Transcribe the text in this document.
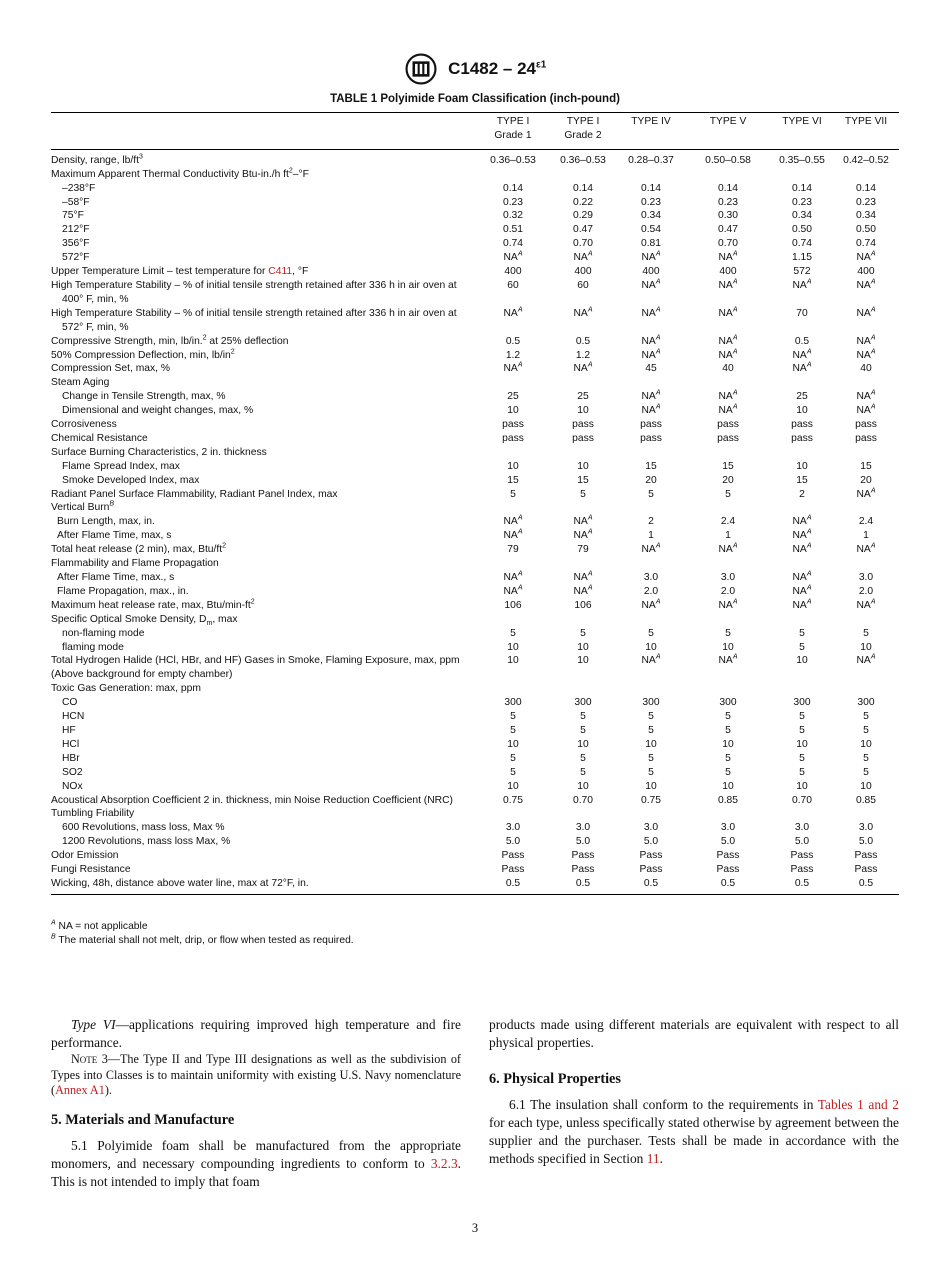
$C1482 - 24^{\varepsilon 1}$
TABLE 1 Polyimide Foam Classification (inch-pound)
	TYPE I
Grade 1	TYPE I
Grade 2	TYPE IV	TYPE V	TYPE VI	TYPE VII
Density, range, $lb/ft^3$	0.36–0.53	0.36–0.53	0.28–0.37	0.50–0.58	0.35–0.55	0.42–0.52
Maximum Apparent Thermal Conductivity Btu-in./h $ft^2-^\circ F$						
–238°F	0.14	0.14	0.14	0.14	0.14	0.14
–58°F	0.23	0.22	0.23	0.23	0.23	0.23
75°F	0.32	0.29	0.34	0.30	0.34	0.34
212°F	0.51	0.47	0.54	0.47	0.50	0.50
356°F	0.74	0.70	0.81	0.70	0.74	0.74
572°F	$NA^A$	$NA^A$	$NA^A$	$NA^A$	1.15	$NA^A$
Upper Temperature Limit – test temperature for C411, °F	400	400	400	400	572	400

High Temperature Stability – % of initial tensile strength retained after 336 h in air oven at 400° F, min, %	60	60	$NA^A$	$NA^A$	$NA^A$	$NA^A$

High Temperature Stability – % of initial tensile strength retained after 336 h in air oven at 572° F, min, %	$NA^A$	$NA^A$	$NA^A$	$NA^A$	70	$NA^A$
Compressive Strength, min, lb/in.$^2$ at 25% deflection	0.5	0.5	$NA^A$	$NA^A$	0.5	$NA^A$
50% Compression Deflection, min, $lb/in^2$	1.2	1.2	$NA^A$	$NA^A$	$NA^A$	$NA^A$
Compression Set, max, %	$NA^A$	$NA^A$	45	40	$NA^A$	40
Steam Aging						
Change in Tensile Strength, max, %	25	25	$NA^A$	$NA^A$	25	$NA^A$
Dimensional and weight changes, max, %	10	10	$NA^A$	$NA^A$	10	$NA^A$
Corrosiveness	pass	pass	pass	pass	pass	pass
Chemical Resistance	pass	pass	pass	pass	pass	pass
Surface Burning Characteristics, 2 in. thickness						
Flame Spread Index, max	10	10	15	15	10	15
Smoke Developed Index, max	15	15	20	20	15	20
Radiant Panel Surface Flammability, Radiant Panel Index, max	5	5	5	5	2	$NA^A$
Vertical Burn$^B$
Burn Length, max, in.	$NA^A$	$NA^A$	2	2.4	$NA^A$	2.4
After Flame Time, max, s	$NA^A$	$NA^A$	1	1	$NA^A$	1
Total heat release (2 min), max, Btu/$ft^2$	79	79	$NA^A$	$NA^A$	$NA^A$	$NA^A$
Flammability and Flame Propagation						
After Flame Time, max., s	$NA^A$	$NA^A$	3.0	3.0	$NA^A$	3.0
Flame Propagation, max., in.	$NA^A$	$NA^A$	2.0	2.0	$NA^A$	2.0
Maximum heat release rate, max, Btu/$\min-ft^2$	106	106	$NA^A$	$NA^A$	$NA^A$	$NA^A$
Specific Optical Smoke Density, $D_m$, max						
non-flaming mode	5	5	5	5	5	5
flaming mode	10	10	10	10	5	10
Total Hydrogen Halide (HCl, HBr, and HF) Gases in Smoke, Flaming Exposure, max, ppm (Above background for empty chamber)	10	10	$NA^A$	$NA^A$	10	$NA^A$
Toxic Gas Generation: max, ppm						
CO	300	300	300	300	300	300
HCN	5	5	5	5	5	5
HF	5	5	5	5	5	5
HCl	10	10	10	10	10	10
HBr	5	5	5	5	5	5
SO2	5	5	5	5	5	5
NOx	10	10	10	10	10	10

Acoustical Absorption Coefficient 2 in. thickness, min Noise Reduction Coefficient (NRC)	0.75	0.70	0.75	0.85	0.70	0.85
Tumbling Friability						
600 Revolutions, mass loss, Max %	3.0	3.0	3.0	3.0	3.0	3.0
1200 Revolutions, mass loss Max, %	5.0	5.0	5.0	5.0	5.0	5.0
Odor Emission	Pass	Pass	Pass	Pass	Pass	Pass
Fungi Resistance	Pass	Pass	Pass	Pass	Pass	Pass
Wicking, 48h, distance above water line, max at 72°F, in.	0.5	0.5	0.5	0.5	0.5	0.5
$^A$ NA = not applicable
$^B$ The material shall not melt, drip, or flow when tested as required.

Type VI—applications requiring improved high temperature and fire performance.

Note 3—The Type II and Type III designations as well as the subdivision of Types into Classes is to maintain uniformity with existing U.S. Navy nomenclature (Annex A1).

5. Materials and Manufacture

5.1 Polyimide foam shall be manufactured from the appropriate monomers, and necessary compounding ingredients to conform to 3.2.3. This is not intended to imply that foam

products made using different materials are equivalent with respect to all physical properties.

6. Physical Properties

6.1 The insulation shall conform to the requirements in Tables 1 and 2 for each type, unless specifically stated otherwise by agreement between the supplier and the purchaser. Tests shall be made in accordance with the methods specified in Section 11.

3
